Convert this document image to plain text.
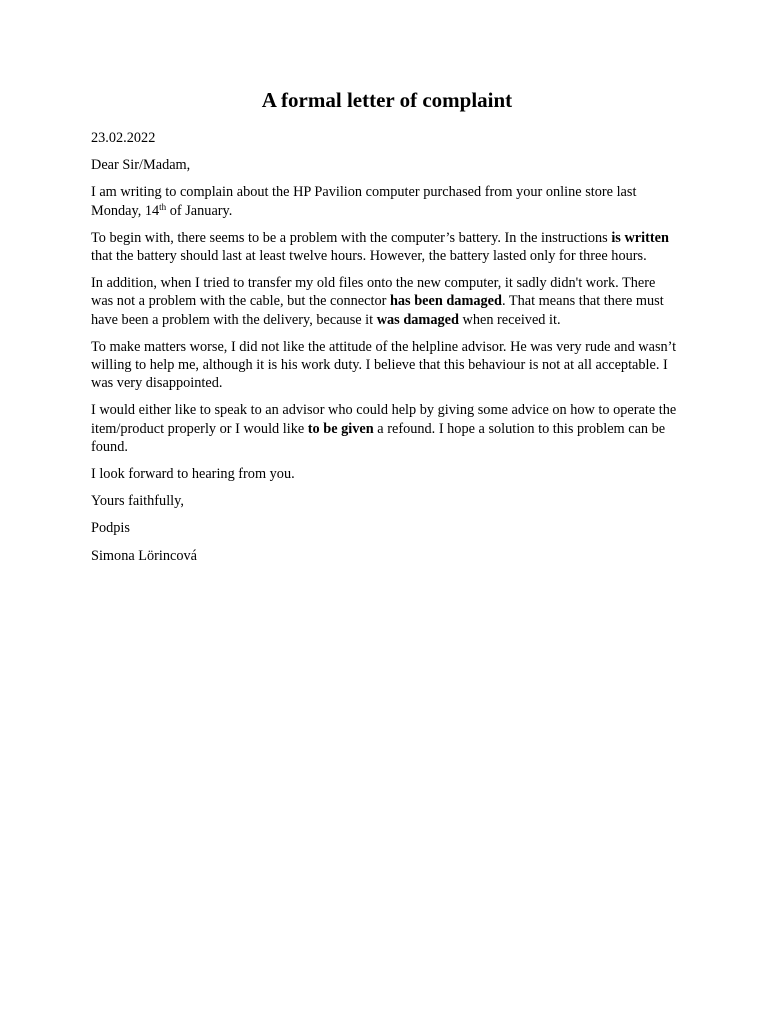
A formal letter of complaint

23.02.2022

Dear Sir/Madam,

I am writing to complain about the HP Pavilion computer purchased from your online store last Monday, 14th of January.

To begin with, there seems to be a problem with the computer’s battery. In the instructions is written that the battery should last at least twelve hours. However, the battery lasted only for three hours.

In addition, when I tried to transfer my old files onto the new computer, it sadly didn't work. There was not a problem with the cable, but the connector has been damaged. That means that there must have been a problem with the delivery, because it was damaged when received it.

To make matters worse, I did not like the attitude of the helpline advisor. He was very rude and wasn’t willing to help me, although it is his work duty. I believe that this behaviour is not at all acceptable. I was very disappointed.

I would either like to speak to an advisor who could help by giving some advice on how to operate the item/product properly or I would like to be given a refound. I hope a solution to this problem can be found.

I look forward to hearing from you.

Yours faithfully,

Podpis

Simona Lörincová
